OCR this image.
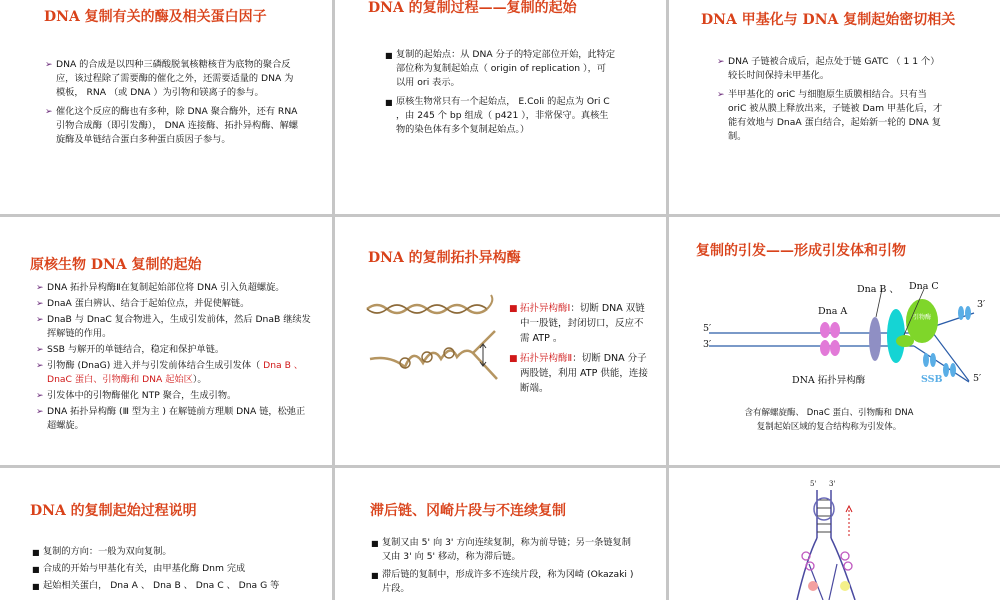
DNA 复制有关的酶及相关蛋白因子
➢ DNA 的合成是以四种三磷酸脱氧核糖核苷为底物的聚合反应，该过程除了需要酶的催化之外，还需要适量的 DNA 为模板， RNA （或 DNA ）为引物和镁离子的参与。
➢ 催化这个反应的酶也有多种，除 DNA 聚合酶外，还有 RNA 引物合成酶（即引发酶）， DNA 连接酶、拓扑异构酶、解螺旋酶及单链结合蛋白多种蛋白质因子参与。
DNA 的复制过程——复制的起始
■ 复制的起始点：从 DNA 分子的特定部位开始，此特定部位称为复制起始点（ origin of replication ），可以用 ori 表示。
■ 原核生物常只有一个起始点， E.Coli 的起点为 Ori C ，由 245 个 bp 组成（ p421 ），非常保守。真核生物的染色体有多个复制起始点。）
DNA 甲基化与 DNA 复制起始密切相关
➢ DNA 子链被合成后，起点处于链 GATC （ 1 1 个）较长时间保持未甲基化。
➢ 半甲基化的 oriC 与细胞原生质膜相结合。只有当 oriC 被从膜上释放出来，子链被 Dam 甲基化后，才能有效地与 DnaA 蛋白结合，起始新一轮的 DNA 复制。
原核生物 DNA 复制的起始
➢ DNA 拓扑异构酶Ⅱ在复制起始部位将 DNA 引入负超螺旋。
➢ DnaA 蛋白辨认、结合于起始位点，并促使解链。
➢ DnaB 与 DnaC 复合物进入，生成引发前体，然后 DnaB 继续发挥解链的作用。
➢ SSB 与解开的单链结合，稳定和保护单链。
➢ 引物酶 (DnaG) 进入并与引发前体结合生成引发体（ Dna B 、 DnaC 蛋白、引物酶和 DNA 起始区）。
➢ 引发体中的引物酶催化 NTP 聚合，生成引物。
➢ DNA 拓扑异构酶 (Ⅲ 型为主 ) 在解链前方理顺 DNA 链，松弛正超螺旋。
DNA 的复制拓扑异构酶
■ 拓扑异构酶Ⅰ：切断 DNA 双链中一股链，封闭切口，反应不需 ATP 。
■ 拓扑异构酶Ⅱ：切断 DNA 分子两股链，利用 ATP 供能，连接断端。
复制的引发——形成引发体和引物
Dna B 、 Dna C
Dna A
引物酶
5′
3′
3′
5′
DNA 拓扑异构酶	SSB
含有解螺旋酶、 DnaC 蛋白、引物酶和 DNA
复制起始区域的复合结构称为引发体。
DNA 的复制起始过程说明
■ 复制的方向：一般为双向复制。
■ 合成的开始与甲基化有关，由甲基化酶 Dnm 完成
■ 起始相关蛋白， Dna A 、 Dna B 、 Dna C 、 Dna G 等
滞后链、冈崎片段与不连续复制
■ 复制又由 5' 向 3' 方向连续复制，称为前导链；另一条链复制又由 3' 向 5' 移动，称为滞后链。
■ 滞后链的复制中，形成许多不连续片段，称为冈崎 (Okazaki ) 片段。
5' 3'
